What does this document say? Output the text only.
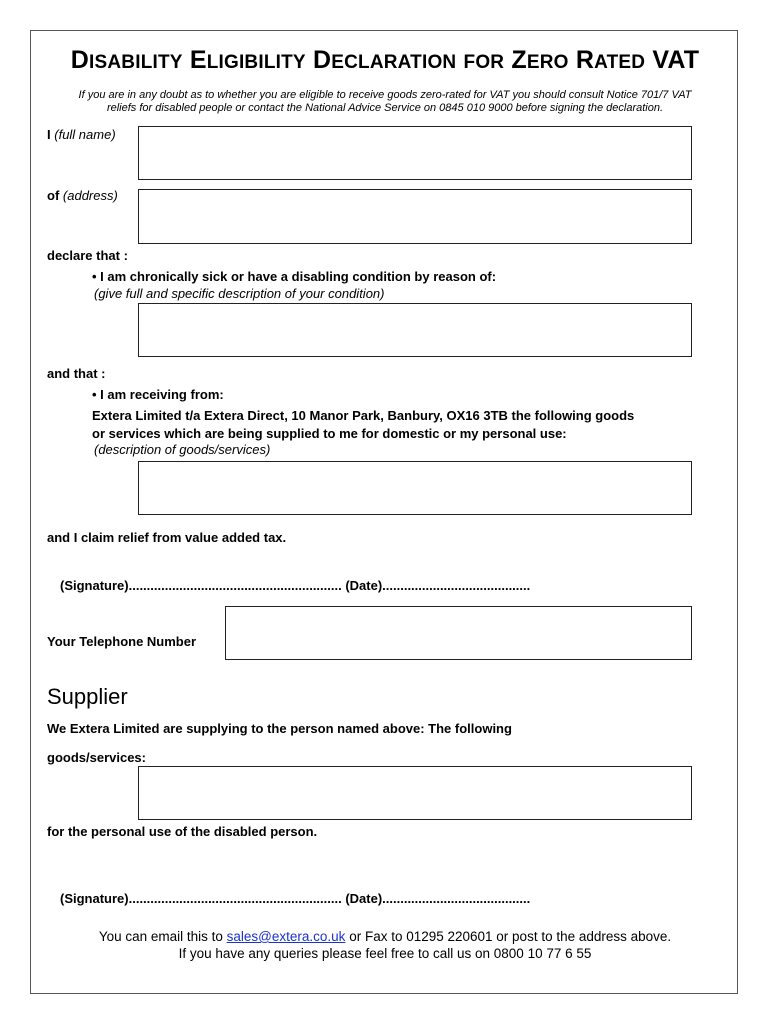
DISABILITY ELIGIBILITY DECLARATION FOR ZERO RATED VAT
If you are in any doubt as to whether you are eligible to receive goods zero-rated for VAT you should consult Notice 701/7 VAT
reliefs for disabled people or contact the National Advice Service on 0845 010 9000 before signing the declaration.
I (full name)
of (address)
declare that :
• I am chronically sick or have a disabling condition by reason of:
(give full and specific description of your condition)
and that :
• I am receiving from:
Extera Limited t/a Extera Direct, 10 Manor Park, Banbury, OX16 3TB the following goods
or services which are being supplied to me for domestic or my personal use:
(description of goods/services)
and I claim relief from value added tax.
(Signature)........................................................... (Date).........................................
Your Telephone Number
Supplier
We Extera Limited are supplying to the person named above: The following
goods/services:
for the personal use of the disabled person.
(Signature)........................................................... (Date).........................................
You can email this to sales@extera.co.uk or Fax to 01295 220601 or post to the address above.
If you have any queries please feel free to call us on 0800 10 77 6 55
